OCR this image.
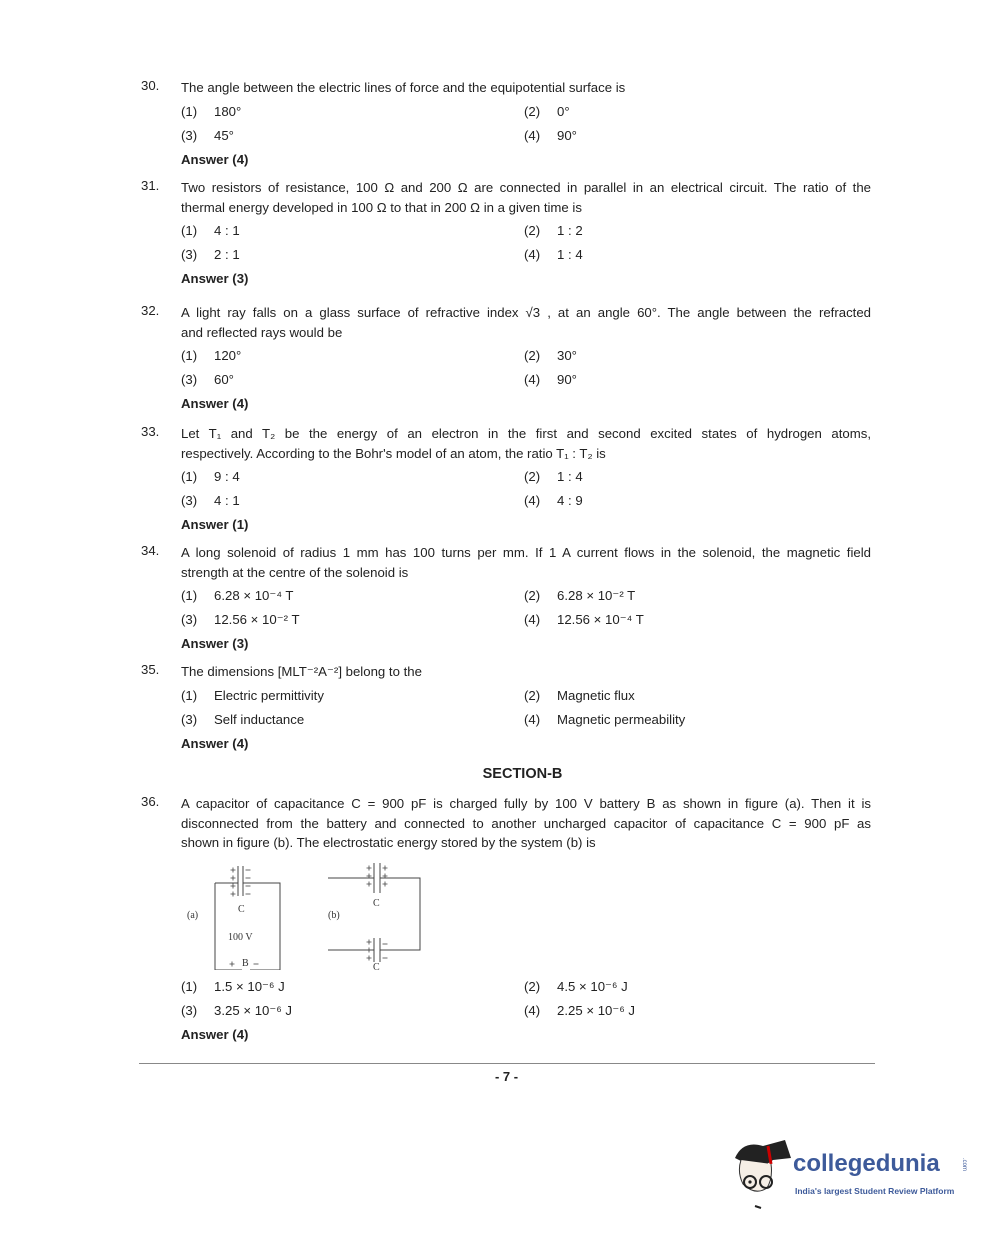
30. The angle between the electric lines of force and the equipotential surface is
(1) 180°	(2) 0°
(3) 45°	(4) 90°
Answer (4)
31. Two resistors of resistance, 100 Ω and 200 Ω are connected in parallel in an electrical circuit. The ratio of the
thermal energy developed in 100 Ω to that in 200 Ω in a given time is
(1) 4 : 1	(2) 1 : 2
(3) 2 : 1	(4) 1 : 4
Answer (3)
32. A light ray falls on a glass surface of refractive index √3 , at an angle 60°. The angle between the refracted
and reflected rays would be
(1) 120°	(2) 30°
(3) 60°	(4) 90°
Answer (4)
33. Let T₁ and T₂ be the energy of an electron in the first and second excited states of hydrogen atoms,
respectively. According to the Bohr's model of an atom, the ratio T₁ : T₂ is
(1) 9 : 4	(2) 1 : 4
(3) 4 : 1	(4) 4 : 9
Answer (1)
34. A long solenoid of radius 1 mm has 100 turns per mm. If 1 A current flows in the solenoid, the magnetic field
strength at the centre of the solenoid is
(1) 6.28 × 10⁻⁴ T	(2) 6.28 × 10⁻² T
(3) 12.56 × 10⁻² T	(4) 12.56 × 10⁻⁴ T
Answer (3)
35. The dimensions [MLT⁻²A⁻²] belong to the
(1) Electric permittivity	(2) Magnetic flux
(3) Self inductance	(4) Magnetic permeability
Answer (4)
36. A capacitor of capacitance C = 900 pF is charged fully by 100 V battery B as shown in figure (a). Then it is
disconnected from the battery and connected to another uncharged capacitor of capacitance C = 900 pF as
shown in figure (b). The electrostatic energy stored by the system (b) is
(1) 1.5 × 10⁻⁶ J	(2) 4.5 × 10⁻⁶ J
(3) 3.25 × 10⁻⁶ J	(4) 2.25 × 10⁻⁶ J
Answer (4)
SECTION-B
C
(a)
100 V
B
(b)
C
C
- 7 -
collegedunia	.com
India's largest Student Review Platform
